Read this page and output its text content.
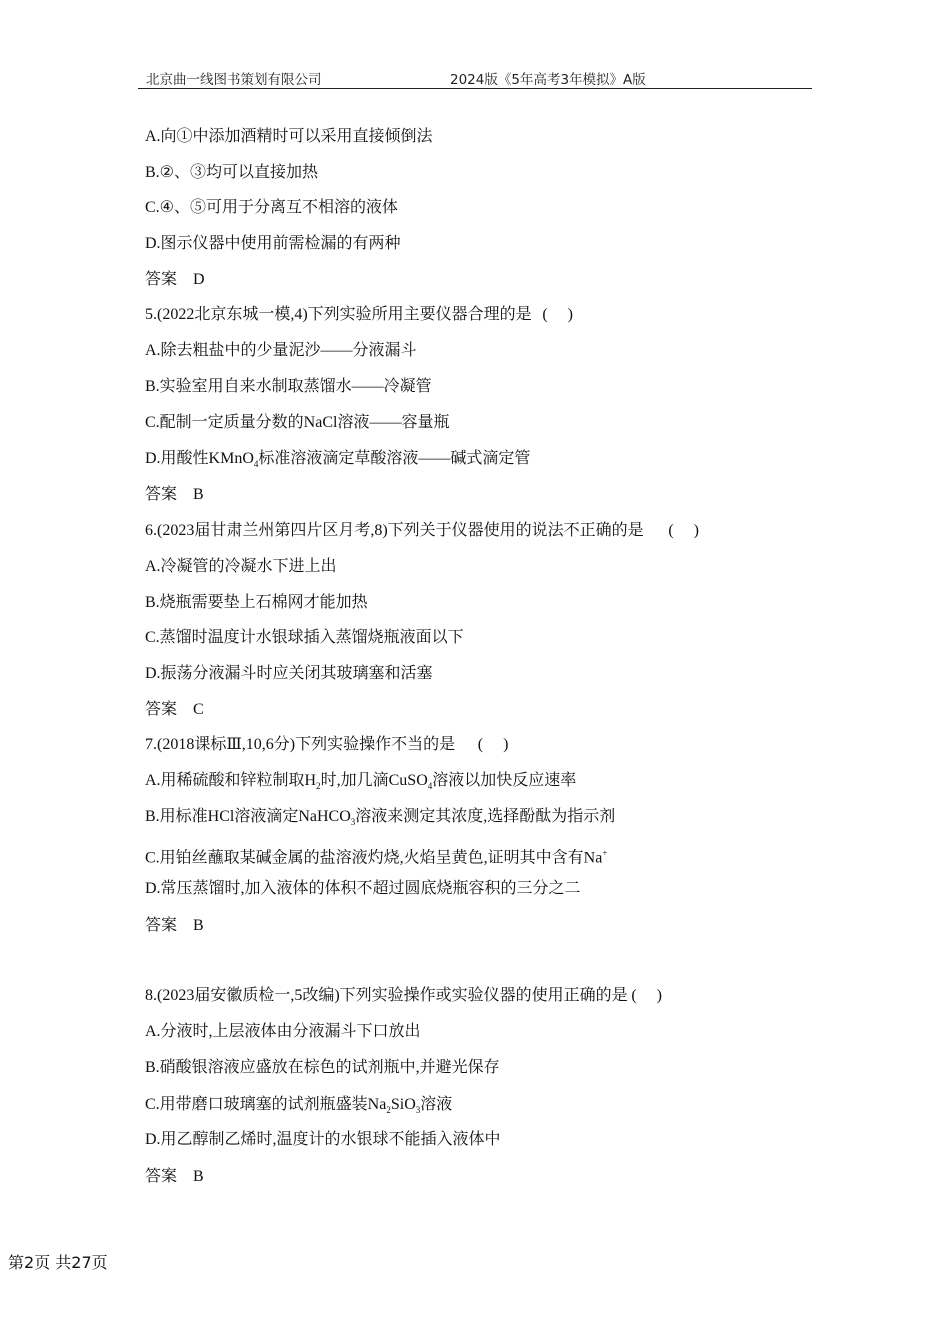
北京曲一线图书策划有限公司	2024版《5年高考3年模拟》A版
A.向①中添加酒精时可以采用直接倾倒法
B.②、③均可以直接加热
C.④、⑤可用于分离互不相溶的液体
D.图示仪器中使用前需检漏的有两种
答案　D
5.(2022北京东城一模,4)下列实验所用主要仪器合理的是 ( )
A.除去粗盐中的少量泥沙——分液漏斗
B.实验室用自来水制取蒸馏水——冷凝管
C.配制一定质量分数的NaCl溶液——容量瓶
D.用酸性KMnO$_4$标准溶液滴定草酸溶液——碱式滴定管
答案　B
6.(2023届甘肃兰州第四片区月考,8)下列关于仪器使用的说法不正确的是 ( )
A.冷凝管的冷凝水下进上出
B.烧瓶需要垫上石棉网才能加热
C.蒸馏时温度计水银球插入蒸馏烧瓶液面以下
D.振荡分液漏斗时应关闭其玻璃塞和活塞
答案　C
7.(2018课标Ⅲ,10,6分)下列实验操作不当的是 ( )
A.用稀硫酸和锌粒制取$H_2$时,加几滴CuSO$_4$溶液以加快反应速率
B.用标准HCl溶液滴定NaHCO$_3$溶液来测定其浓度,选择酚酞为指示剂
C.用铂丝蘸取某碱金属的盐溶液灼烧,火焰呈黄色,证明其中含有Na+
D.常压蒸馏时,加入液体的体积不超过圆底烧瓶容积的三分之二
答案　B
8.(2023届安徽质检一,5改编)下列实验操作或实验仪器的使用正确的是 ( )
A.分液时,上层液体由分液漏斗下口放出
B.硝酸银溶液应盛放在棕色的试剂瓶中,并避光保存
C.用带磨口玻璃塞的试剂瓶盛装$Na_2SiO_3$溶液
D.用乙醇制乙烯时,温度计的水银球不能插入液体中
答案　B
第2页 共27页
